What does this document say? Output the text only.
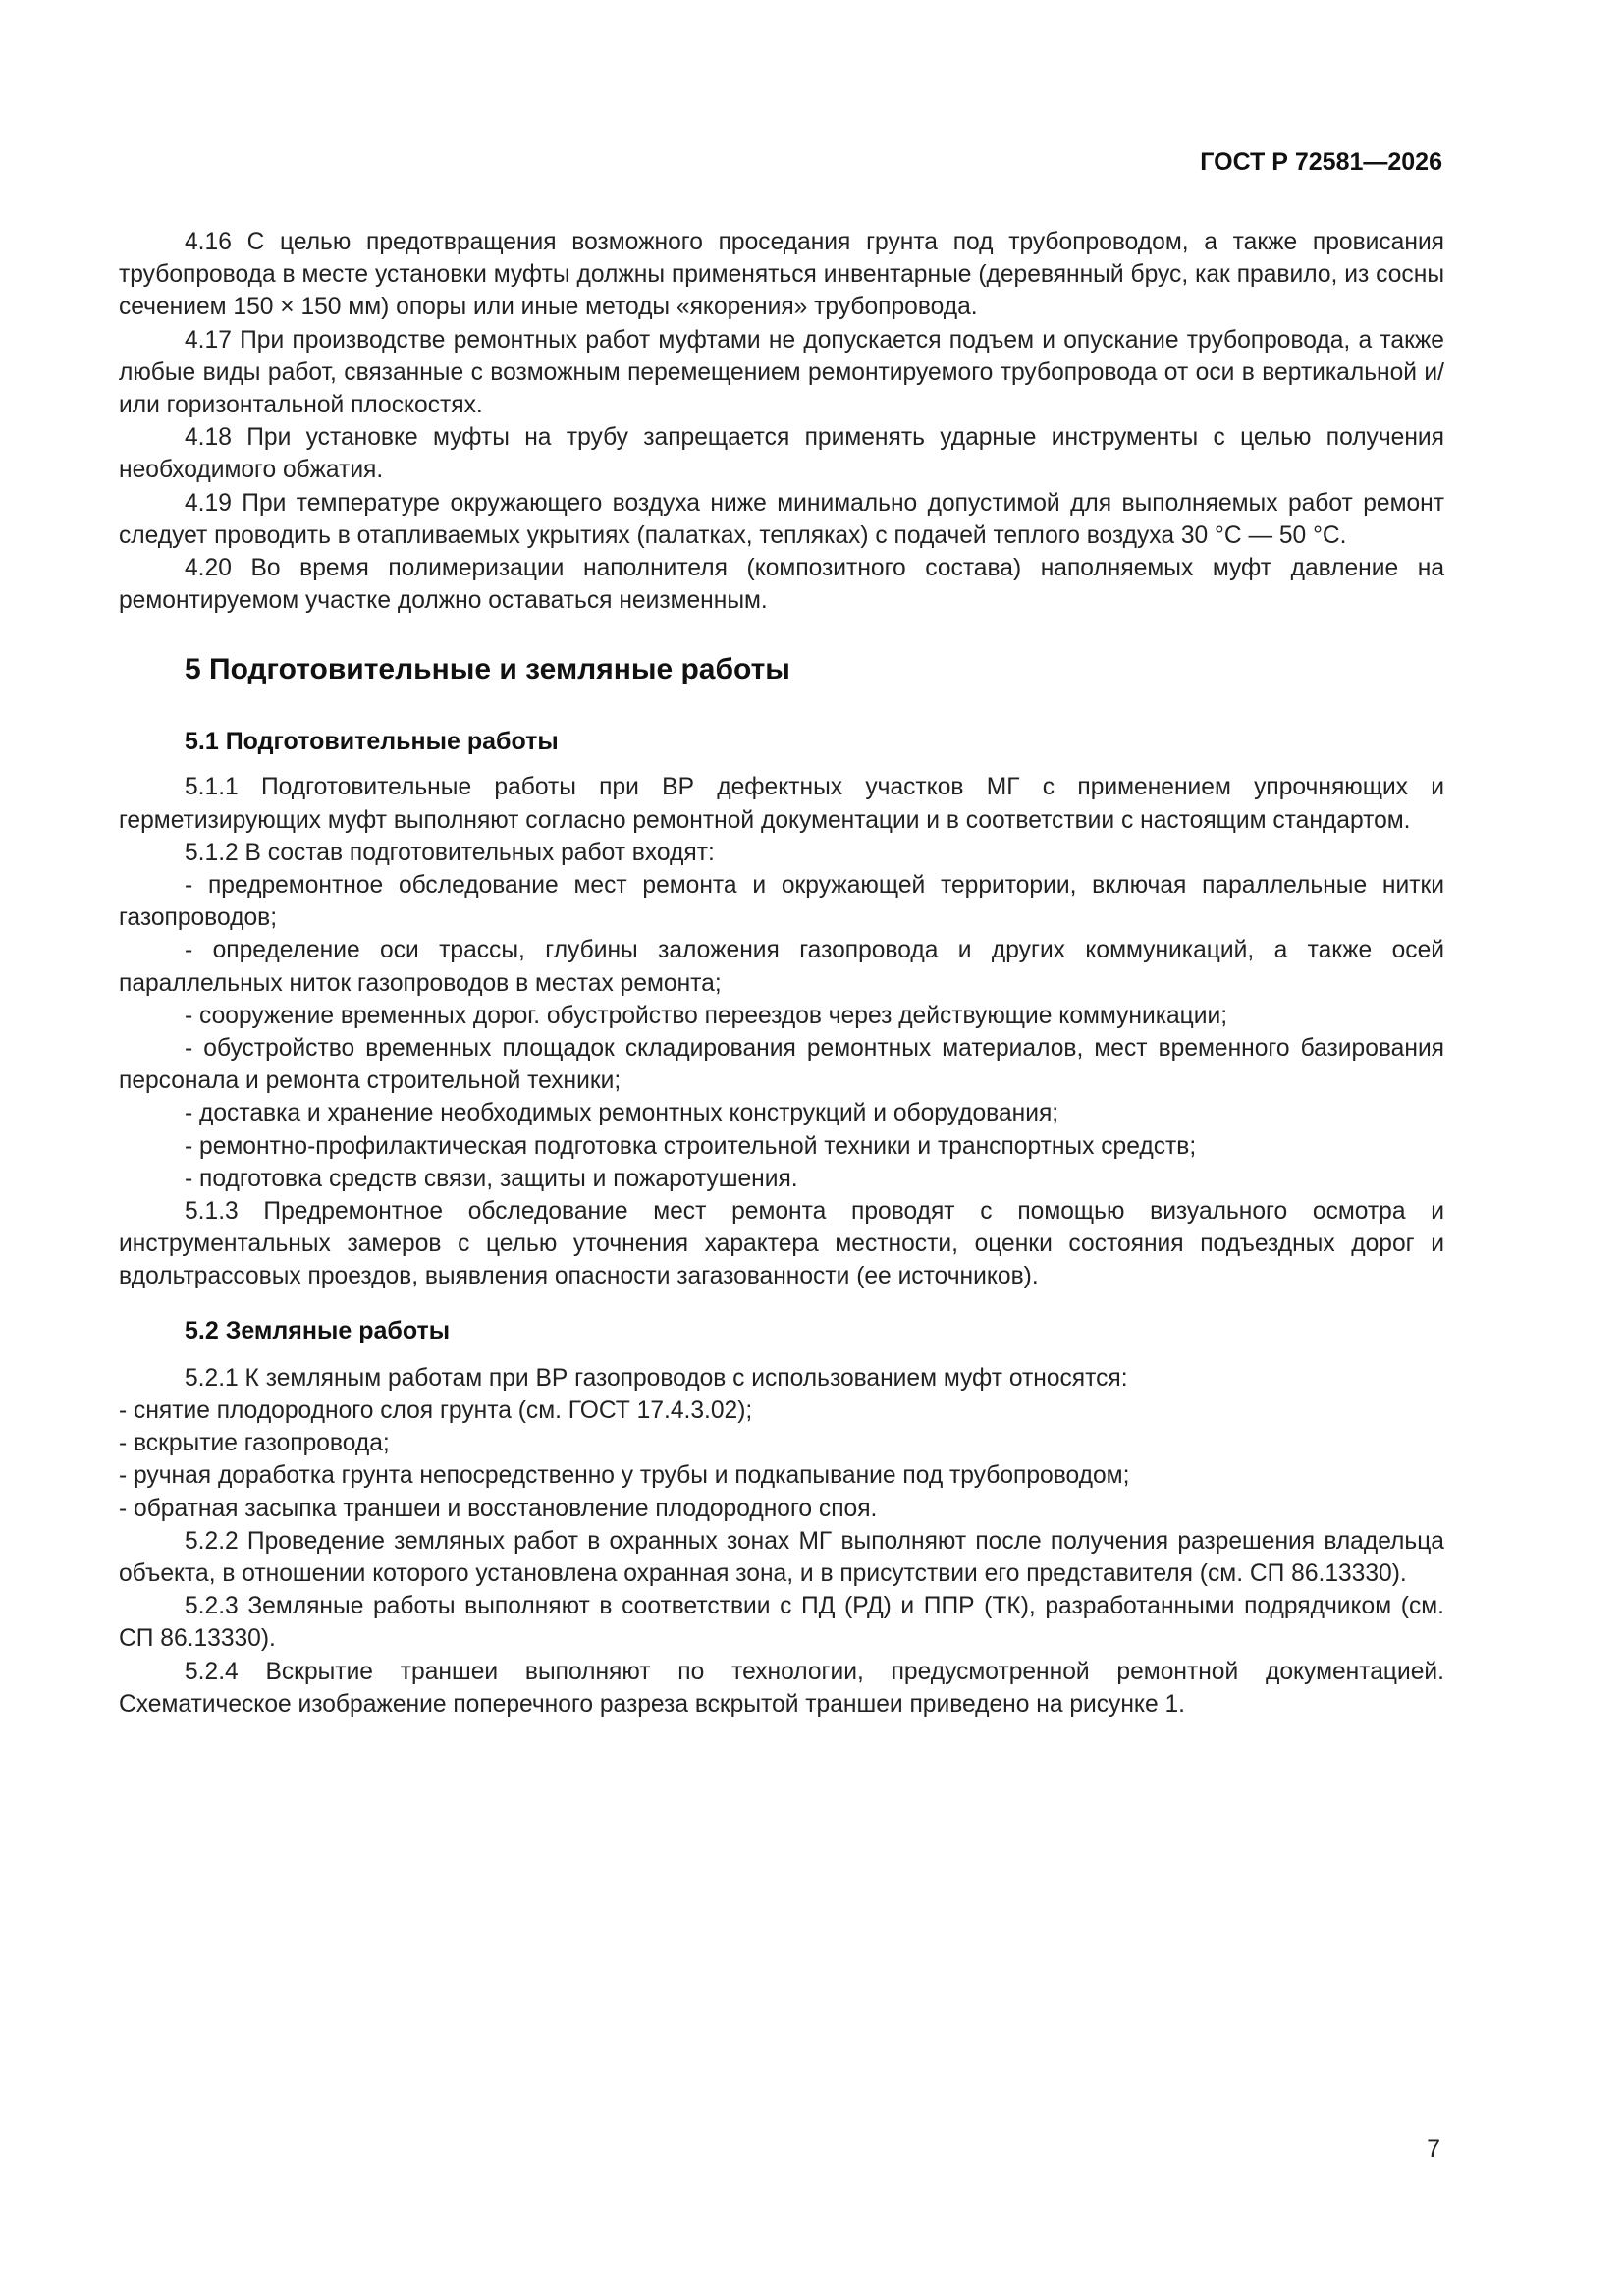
ГОСТ Р 72581—2026

4.16 С целью предотвращения возможного проседания грунта под трубопроводом, а также провисания трубопровода в месте установки муфты должны применяться инвентарные (деревянный брус, как правило, из сосны сечением 150 × 150 мм) опоры или иные методы «якорения» трубопровода.

4.17 При производстве ремонтных работ муфтами не допускается подъем и опускание трубопровода, а также любые виды работ, связанные с возможным перемещением ремонтируемого трубопровода от оси в вертикальной и/или горизонтальной плоскостях.

4.18 При установке муфты на трубу запрещается применять ударные инструменты с целью получения необходимого обжатия.

4.19 При температуре окружающего воздуха ниже минимально допустимой для выполняемых работ ремонт следует проводить в отапливаемых укрытиях (палатках, тепляках) с подачей теплого воздуха 30 °С — 50 °С.

4.20 Во время полимеризации наполнителя (композитного состава) наполняемых муфт давление на ремонтируемом участке должно оставаться неизменным.

5 Подготовительные и земляные работы
5.1 Подготовительные работы

5.1.1 Подготовительные работы при ВР дефектных участков МГ с применением упрочняющих и герметизирующих муфт выполняют согласно ремонтной документации и в соответствии с настоящим стандартом.

5.1.2 В состав подготовительных работ входят:

- предремонтное обследование мест ремонта и окружающей территории, включая параллельные нитки газопроводов;

- определение оси трассы, глубины заложения газопровода и других коммуникаций, а также осей параллельных ниток газопроводов в местах ремонта;

- сооружение временных дорог. обустройство переездов через действующие коммуникации;

- обустройство временных площадок складирования ремонтных материалов, мест временного базирования персонала и ремонта строительной техники;

- доставка и хранение необходимых ремонтных конструкций и оборудования;

- ремонтно-профилактическая подготовка строительной техники и транспортных средств;

- подготовка средств связи, защиты и пожаротушения.

5.1.3 Предремонтное обследование мест ремонта проводят с помощью визуального осмотра и инструментальных замеров с целью уточнения характера местности, оценки состояния подъездных дорог и вдольтрассовых проездов, выявления опасности загазованности (ее источников).

5.2 Земляные работы

5.2.1 К земляным работам при ВР газопроводов с использованием муфт относятся:

- снятие плодородного слоя грунта (см. ГОСТ 17.4.3.02);

- вскрытие газопровода;

- ручная доработка грунта непосредственно у трубы и подкапывание под трубопроводом;

- обратная засыпка траншеи и восстановление плодородного споя.

5.2.2 Проведение земляных работ в охранных зонах МГ выполняют после получения разрешения владельца объекта, в отношении которого установлена охранная зона, и в присутствии его представителя (см. СП 86.13330).

5.2.3 Земляные работы выполняют в соответствии с ПД (РД) и ППР (ТК), разработанными подрядчиком (см. СП 86.13330).

5.2.4 Вскрытие траншеи выполняют по технологии, предусмотренной ремонтной документацией. Схематическое изображение поперечного разреза вскрытой траншеи приведено на рисунке 1.

7
